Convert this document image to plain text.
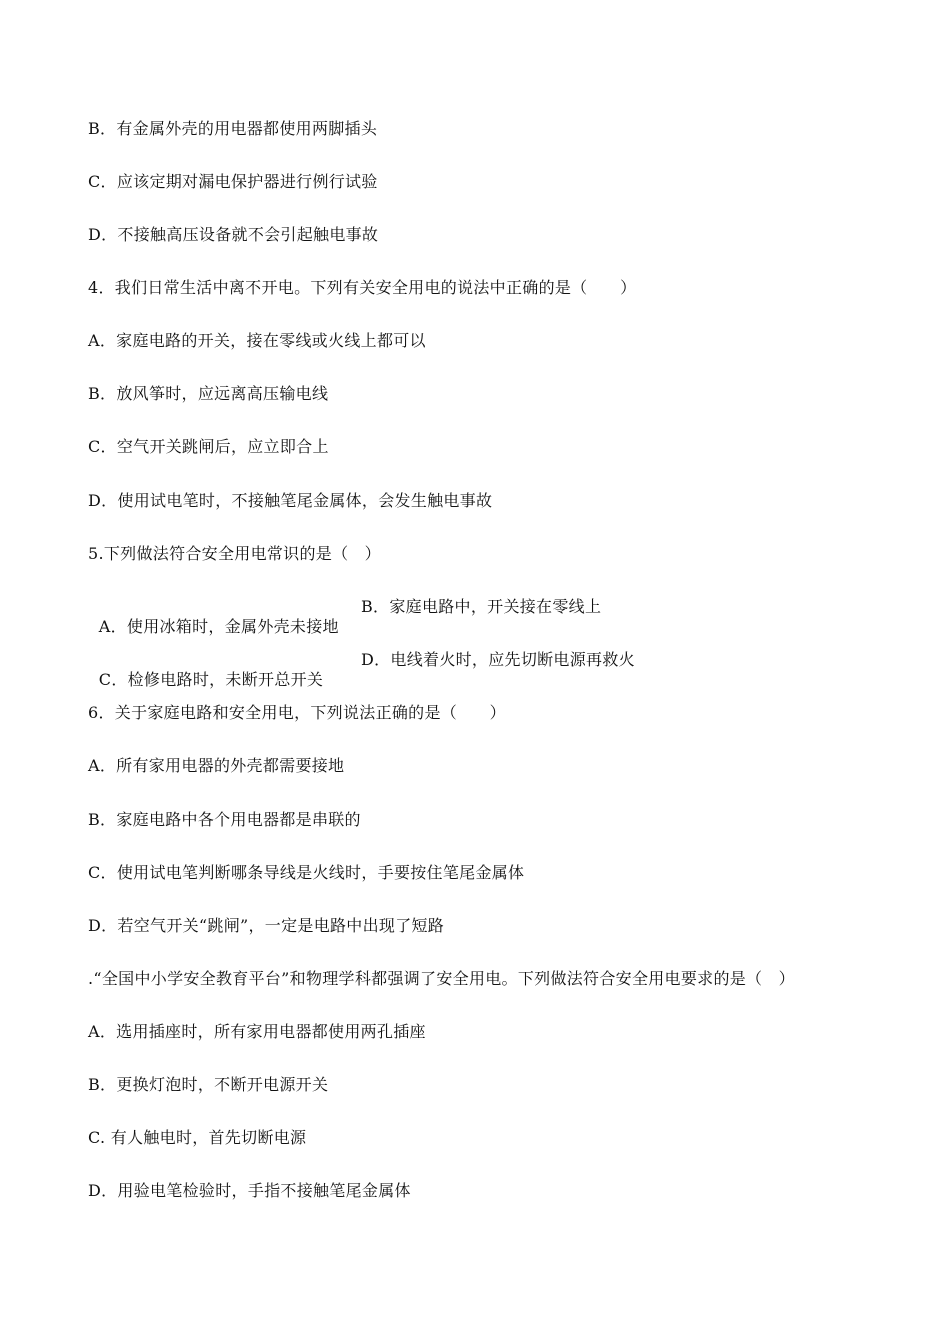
B．有金属外壳的用电器都使用两脚插头
C．应该定期对漏电保护器进行例行试验
D．不接触高压设备就不会引起触电事故
4．我们日常生活中离不开电。下列有关安全用电的说法中正确的是（　　）
A．家庭电路的开关，接在零线或火线上都可以
B．放风筝时，应远离高压输电线
C．空气开关跳闸后，应立即合上
D．使用试电笔时，不接触笔尾金属体，会发生触电事故
5.下列做法符合安全用电常识的是（　）

A．使用冰箱时，金属外壳未接地

B．家庭电路中，开关接在零线上

C．检修电路时，未断开总开关

D．电线着火时，应先切断电源再救火

6．关于家庭电路和安全用电，下列说法正确的是（　　）
A．所有家用电器的外壳都需要接地
B．家庭电路中各个用电器都是串联的
C．使用试电笔判断哪条导线是火线时，手要按住笔尾金属体
D．若空气开关“跳闸”，一定是电路中出现了短路
.“全国中小学安全教育平台”和物理学科都强调了安全用电。下列做法符合安全用电要求的是（　）
A．选用插座时，所有家用电器都使用两孔插座
B．更换灯泡时，不断开电源开关
C. 有人触电时，首先切断电源
D．用验电笔检验时，手指不接触笔尾金属体
